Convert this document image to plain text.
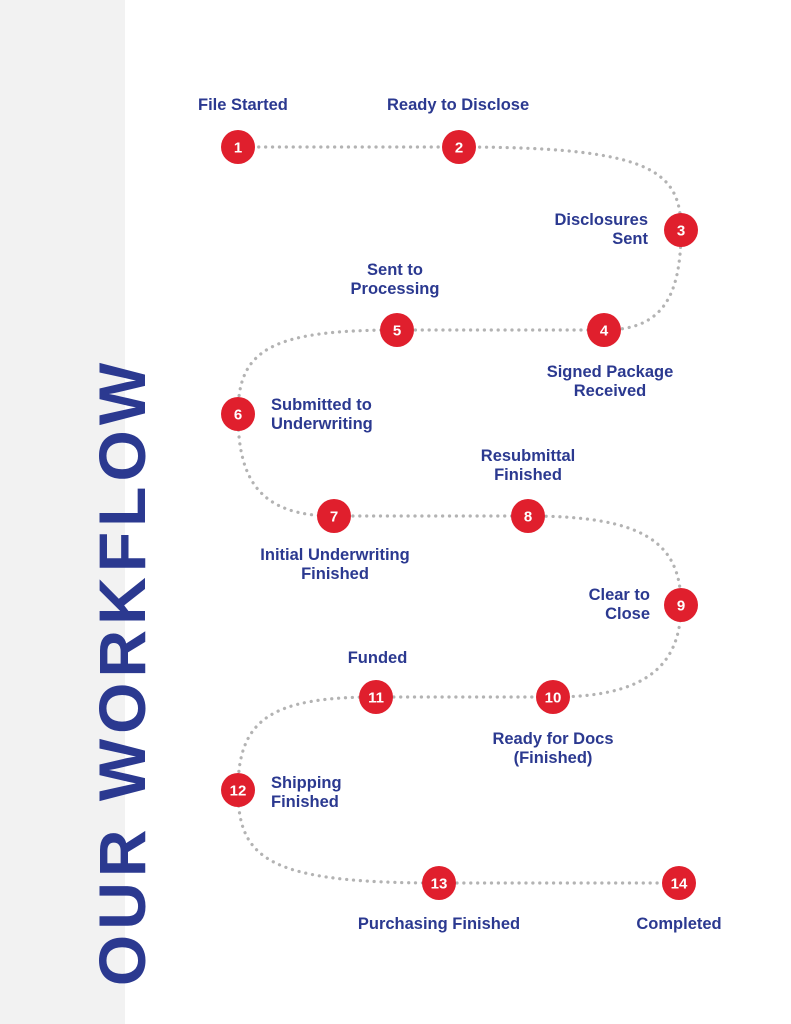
OUR WORKFLOW
1	2
3
4
5
6
7	8
9
10
11
12
13	14
File Started	Ready to Disclose
Disclosures
Sent
Signed Package
Received
Sent to
Processing
Submitted to
Underwriting
Initial Underwriting
Finished
Resubmittal
Finished
Clear to
Close
Ready for Docs
(Finished)
Funded
Shipping
Finished
Purchasing Finished	Completed
